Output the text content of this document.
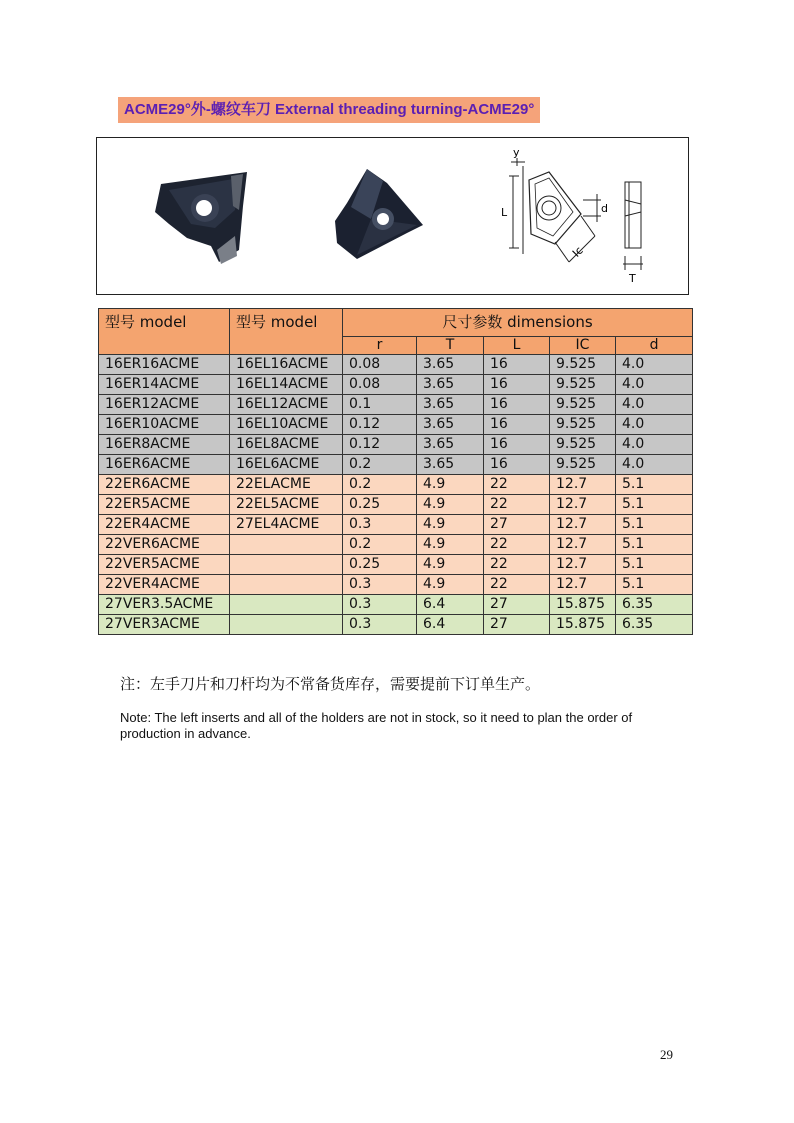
ACME29°外-螺纹车刀 External threading turning-ACME29°
y
L	d
Ic
T
型号 model	型号 model	尺寸参数 dimensions				
		r	T	L	IC	d
16ER16ACME	16EL16ACME	0.08	3.65	16	9.525	4.0
16ER14ACME	16EL14ACME	0.08	3.65	16	9.525	4.0
16ER12ACME	16EL12ACME	0.1	3.65	16	9.525	4.0
16ER10ACME	16EL10ACME	0.12	3.65	16	9.525	4.0
16ER8ACME	16EL8ACME	0.12	3.65	16	9.525	4.0
16ER6ACME	16EL6ACME	0.2	3.65	16	9.525	4.0
22ER6ACME	22ELACME	0.2	4.9	22	12.7	5.1
22ER5ACME	22EL5ACME	0.25	4.9	22	12.7	5.1
22ER4ACME	27EL4ACME	0.3	4.9	27	12.7	5.1
22VER6ACME		0.2	4.9	22	12.7	5.1
22VER5ACME		0.25	4.9	22	12.7	5.1
22VER4ACME		0.3	4.9	22	12.7	5.1
27VER3.5ACME		0.3	6.4	27	15.875	6.35
27VER3ACME		0.3	6.4	27	15.875	6.35
注：左手刀片和刀杆均为不常备货库存，需要提前下订单生产。
Note: The left inserts and all of the holders are not in stock, so it need to plan the order of production in advance.
29
